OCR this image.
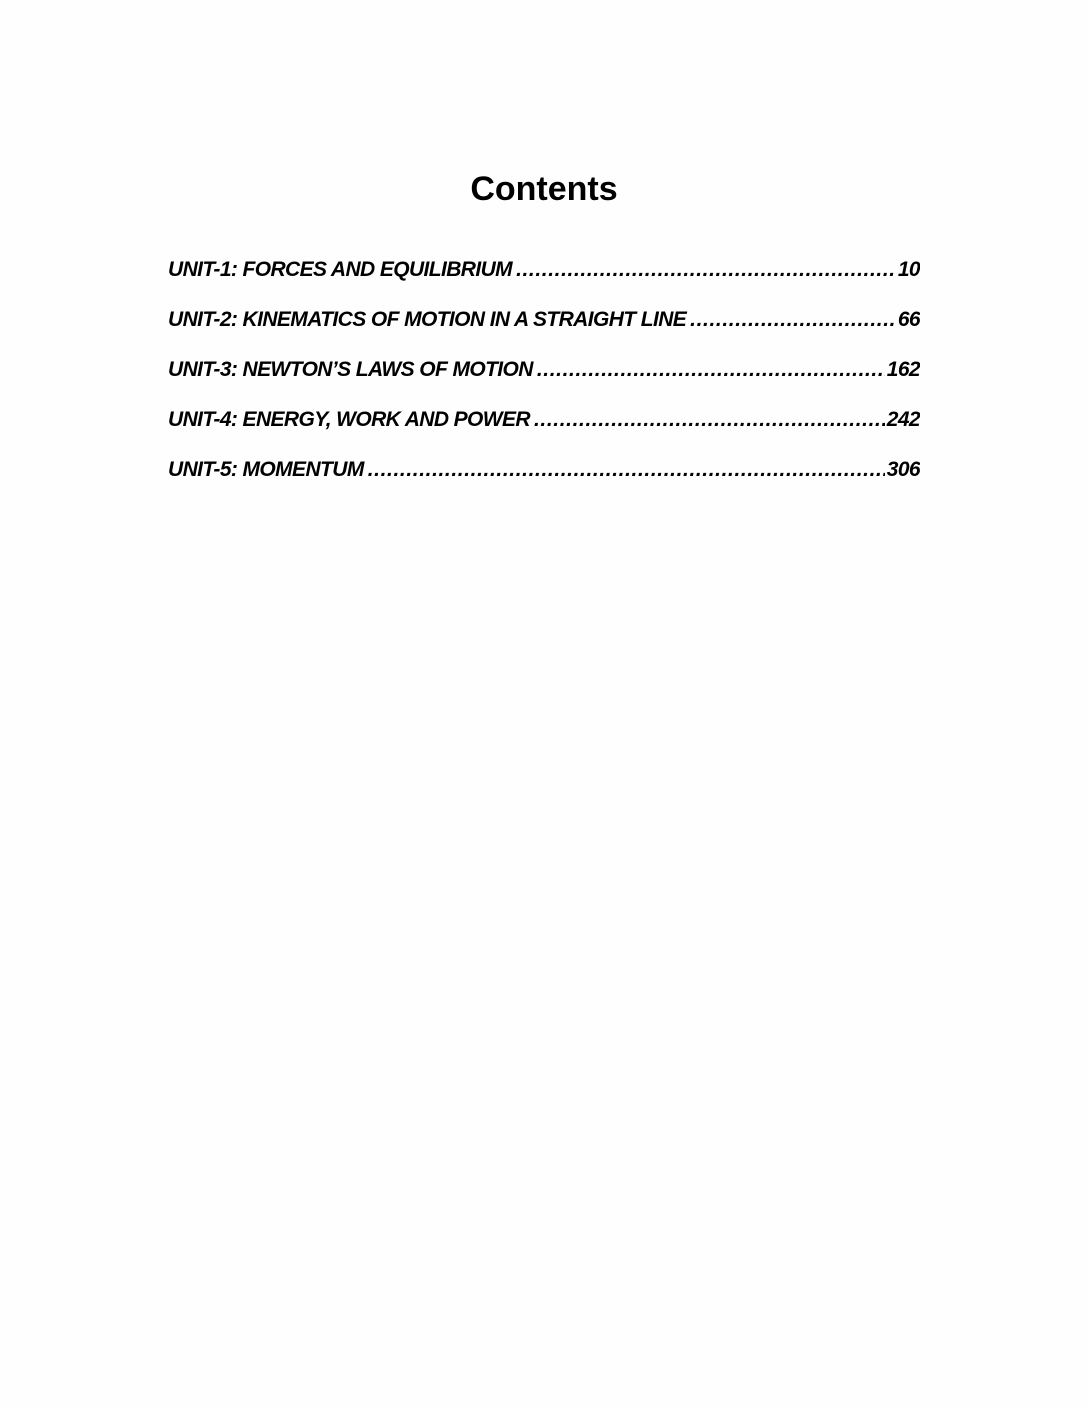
Contents
UNIT-1: FORCES AND EQUILIBRIUM .....	10
UNIT-2: KINEMATICS OF MOTION IN A STRAIGHT LINE .....	66
UNIT-3: NEWTON’S LAWS OF MOTION .....	162
UNIT-4: ENERGY, WORK AND POWER .....	242
UNIT-5: MOMENTUM .....	306
